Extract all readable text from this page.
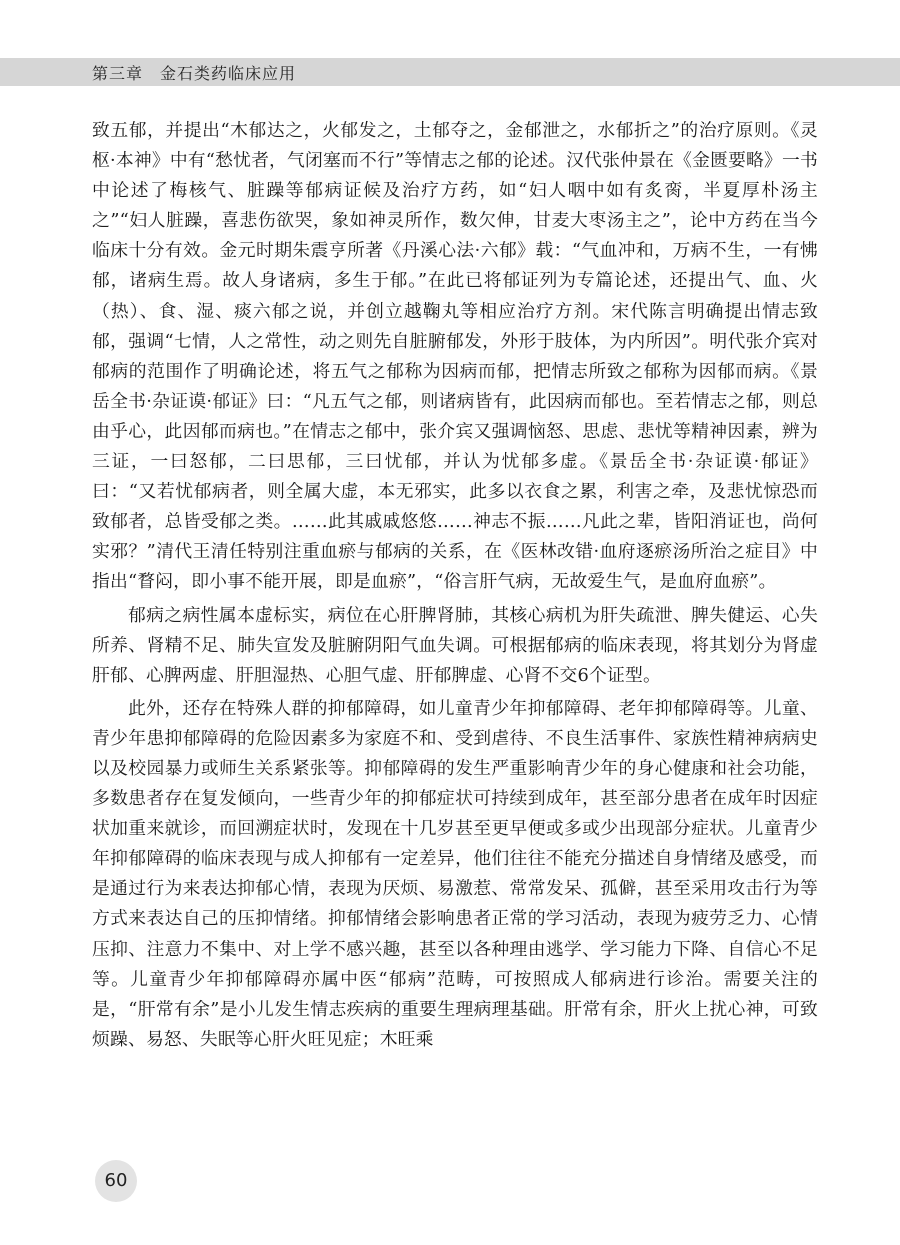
第三章　金石类药临床应用

致五郁，并提出“木郁达之，火郁发之，土郁夺之，金郁泄之，水郁折之”的治疗原则。《灵枢·本神》中有“愁忧者，气闭塞而不行”等情志之郁的论述。汉代张仲景在《金匮要略》一书中论述了梅核气、脏躁等郁病证候及治疗方药，如“妇人咽中如有炙脔，半夏厚朴汤主之”“妇人脏躁，喜悲伤欲哭，象如神灵所作，数欠伸，甘麦大枣汤主之”，论中方药在当今临床十分有效。金元时期朱震亨所著《丹溪心法·六郁》载：“气血冲和，万病不生，一有怫郁，诸病生焉。故人身诸病，多生于郁。”在此已将郁证列为专篇论述，还提出气、血、火（热）、食、湿、痰六郁之说，并创立越鞠丸等相应治疗方剂。宋代陈言明确提出情志致郁，强调“七情，人之常性，动之则先自脏腑郁发，外形于肢体，为内所因”。明代张介宾对郁病的范围作了明确论述，将五气之郁称为因病而郁，把情志所致之郁称为因郁而病。《景岳全书·杂证谟·郁证》曰：“凡五气之郁，则诸病皆有，此因病而郁也。至若情志之郁，则总由乎心，此因郁而病也。”在情志之郁中，张介宾又强调恼怒、思虑、悲忧等精神因素，辨为三证，一曰怒郁，二曰思郁，三曰忧郁，并认为忧郁多虚。《景岳全书·杂证谟·郁证》曰：“又若忧郁病者，则全属大虚，本无邪实，此多以衣食之累，利害之牵，及悲忧惊恐而致郁者，总皆受郁之类。……此其戚戚悠悠……神志不振……凡此之辈，皆阳消证也，尚何实邪？”清代王清任特别注重血瘀与郁病的关系，在《医林改错·血府逐瘀汤所治之症目》中指出“瞀闷，即小事不能开展，即是血瘀”，“俗言肝气病，无故爱生气，是血府血瘀”。

郁病之病性属本虚标实，病位在心肝脾肾肺，其核心病机为肝失疏泄、脾失健运、心失所养、肾精不足、肺失宣发及脏腑阴阳气血失调。可根据郁病的临床表现，将其划分为肾虚肝郁、心脾两虚、肝胆湿热、心胆气虚、肝郁脾虚、心肾不交6个证型。

此外，还存在特殊人群的抑郁障碍，如儿童青少年抑郁障碍、老年抑郁障碍等。儿童、青少年患抑郁障碍的危险因素多为家庭不和、受到虐待、不良生活事件、家族性精神病病史以及校园暴力或师生关系紧张等。抑郁障碍的发生严重影响青少年的身心健康和社会功能，多数患者存在复发倾向，一些青少年的抑郁症状可持续到成年，甚至部分患者在成年时因症状加重来就诊，而回溯症状时，发现在十几岁甚至更早便或多或少出现部分症状。儿童青少年抑郁障碍的临床表现与成人抑郁有一定差异，他们往往不能充分描述自身情绪及感受，而是通过行为来表达抑郁心情，表现为厌烦、易激惹、常常发呆、孤僻，甚至采用攻击行为等方式来表达自己的压抑情绪。抑郁情绪会影响患者正常的学习活动，表现为疲劳乏力、心情压抑、注意力不集中、对上学不感兴趣，甚至以各种理由逃学、学习能力下降、自信心不足等。儿童青少年抑郁障碍亦属中医“郁病”范畴，可按照成人郁病进行诊治。需要关注的是，“肝常有余”是小儿发生情志疾病的重要生理病理基础。肝常有余，肝火上扰心神，可致烦躁、易怒、失眠等心肝火旺见症；木旺乘

60
